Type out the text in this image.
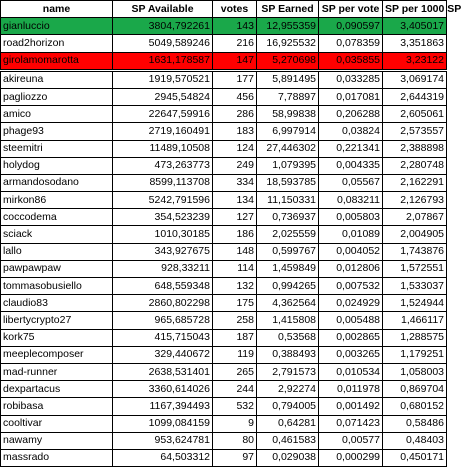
name	SP Available	votes	SP Earned	SP per vote	SP per 1000 SP
gianluccio	3804,792261	143	12,955359	0,090597	3,405017
road2horizon	5049,589246	216	16,925532	0,078359	3,351863
girolamomarotta	1631,178587	147	5,270698	0,035855	3,23122
akireuna	1919,570521	177	5,891495	0,033285	3,069174
pagliozzo	2945,54824	456	7,78897	0,017081	2,644319
amico	22647,59916	286	58,99838	0,206288	2,605061
phage93	2719,160491	183	6,997914	0,03824	2,573557
steemitri	11489,10508	124	27,446302	0,221341	2,388898
holydog	473,263773	249	1,079395	0,004335	2,280748
armandosodano	8599,113708	334	18,593785	0,05567	2,162291
mirkon86	5242,791596	134	11,150331	0,083211	2,126793
coccodema	354,523239	127	0,736937	0,005803	2,07867
sciack	1010,30185	186	2,025559	0,01089	2,004905
lallo	343,927675	148	0,599767	0,004052	1,743876
pawpawpaw	928,33211	114	1,459849	0,012806	1,572551
tommasobusiello	648,559348	132	0,994265	0,007532	1,533037
claudio83	2860,802298	175	4,362564	0,024929	1,524944
libertycrypto27	965,685728	258	1,415808	0,005488	1,466117
kork75	415,715043	187	0,53568	0,002865	1,288575
meeplecomposer	329,440672	119	0,388493	0,003265	1,179251
mad-runner	2638,531401	265	2,791573	0,010534	1,058003
dexpartacus	3360,614026	244	2,92274	0,011978	0,869704
robibasa	1167,394493	532	0,794005	0,001492	0,680152
cooltivar	1099,084159	9	0,64281	0,071423	0,58486
nawamy	953,624781	80	0,461583	0,00577	0,48403
massrado	64,503312	97	0,029038	0,000299	0,450171
